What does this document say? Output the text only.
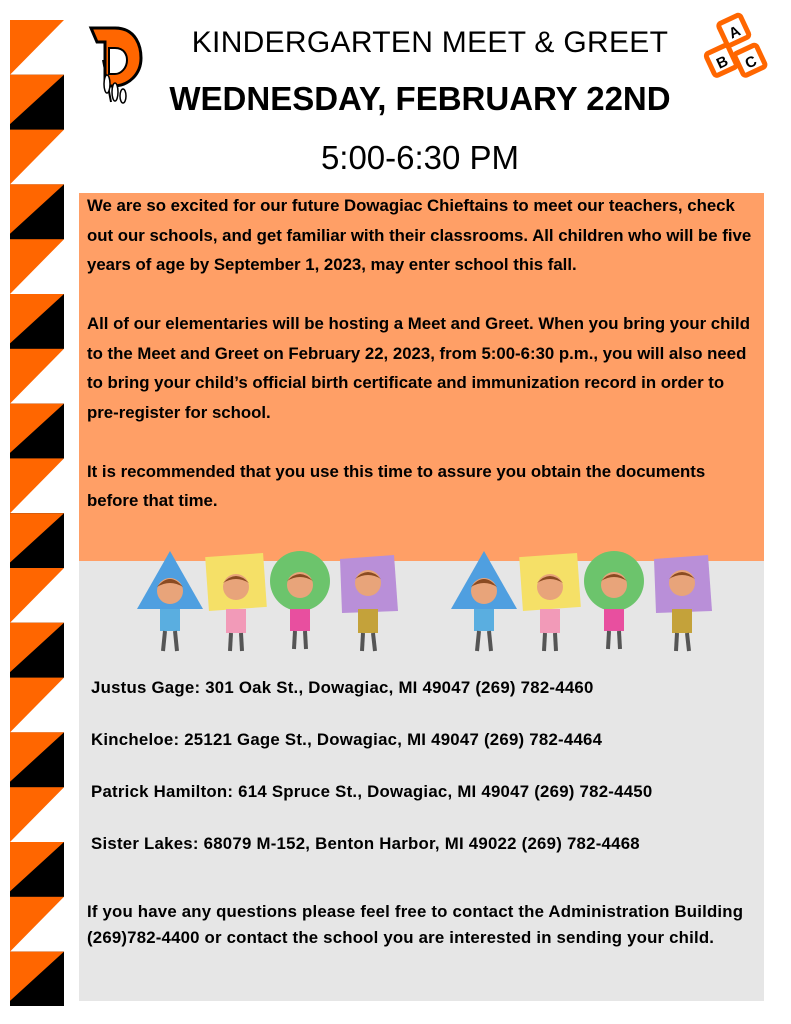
A
B C
KINDERGARTEN MEET & GREET
WEDNESDAY, FEBRUARY 22ND
5:00-6:30 PM

We are so excited for our future Dowagiac Chieftains to meet our teachers, check out our schools, and get familiar with their classrooms. All children who will be five years of age by September 1, 2023, may enter school this fall.

All of our elementaries will be hosting a Meet and Greet. When you bring your child to the Meet and Greet on February 22, 2023, from 5:00-6:30 p.m., you will also need to bring your child’s official birth certificate and immunization record in order to pre-register for school.

It is recommended that you use this time to assure you obtain the documents before that time.

Justus Gage: 301 Oak St., Dowagiac, MI 49047 (269) 782-4460
Kincheloe: 25121 Gage St., Dowagiac, MI 49047 (269) 782-4464
Patrick Hamilton: 614 Spruce St., Dowagiac, MI 49047 (269) 782-4450
Sister Lakes: 68079 M-152, Benton Harbor, MI 49022 (269) 782-4468
If you have any questions please feel free to contact the Administration Building (269)782-4400 or contact the school you are interested in sending your child.
